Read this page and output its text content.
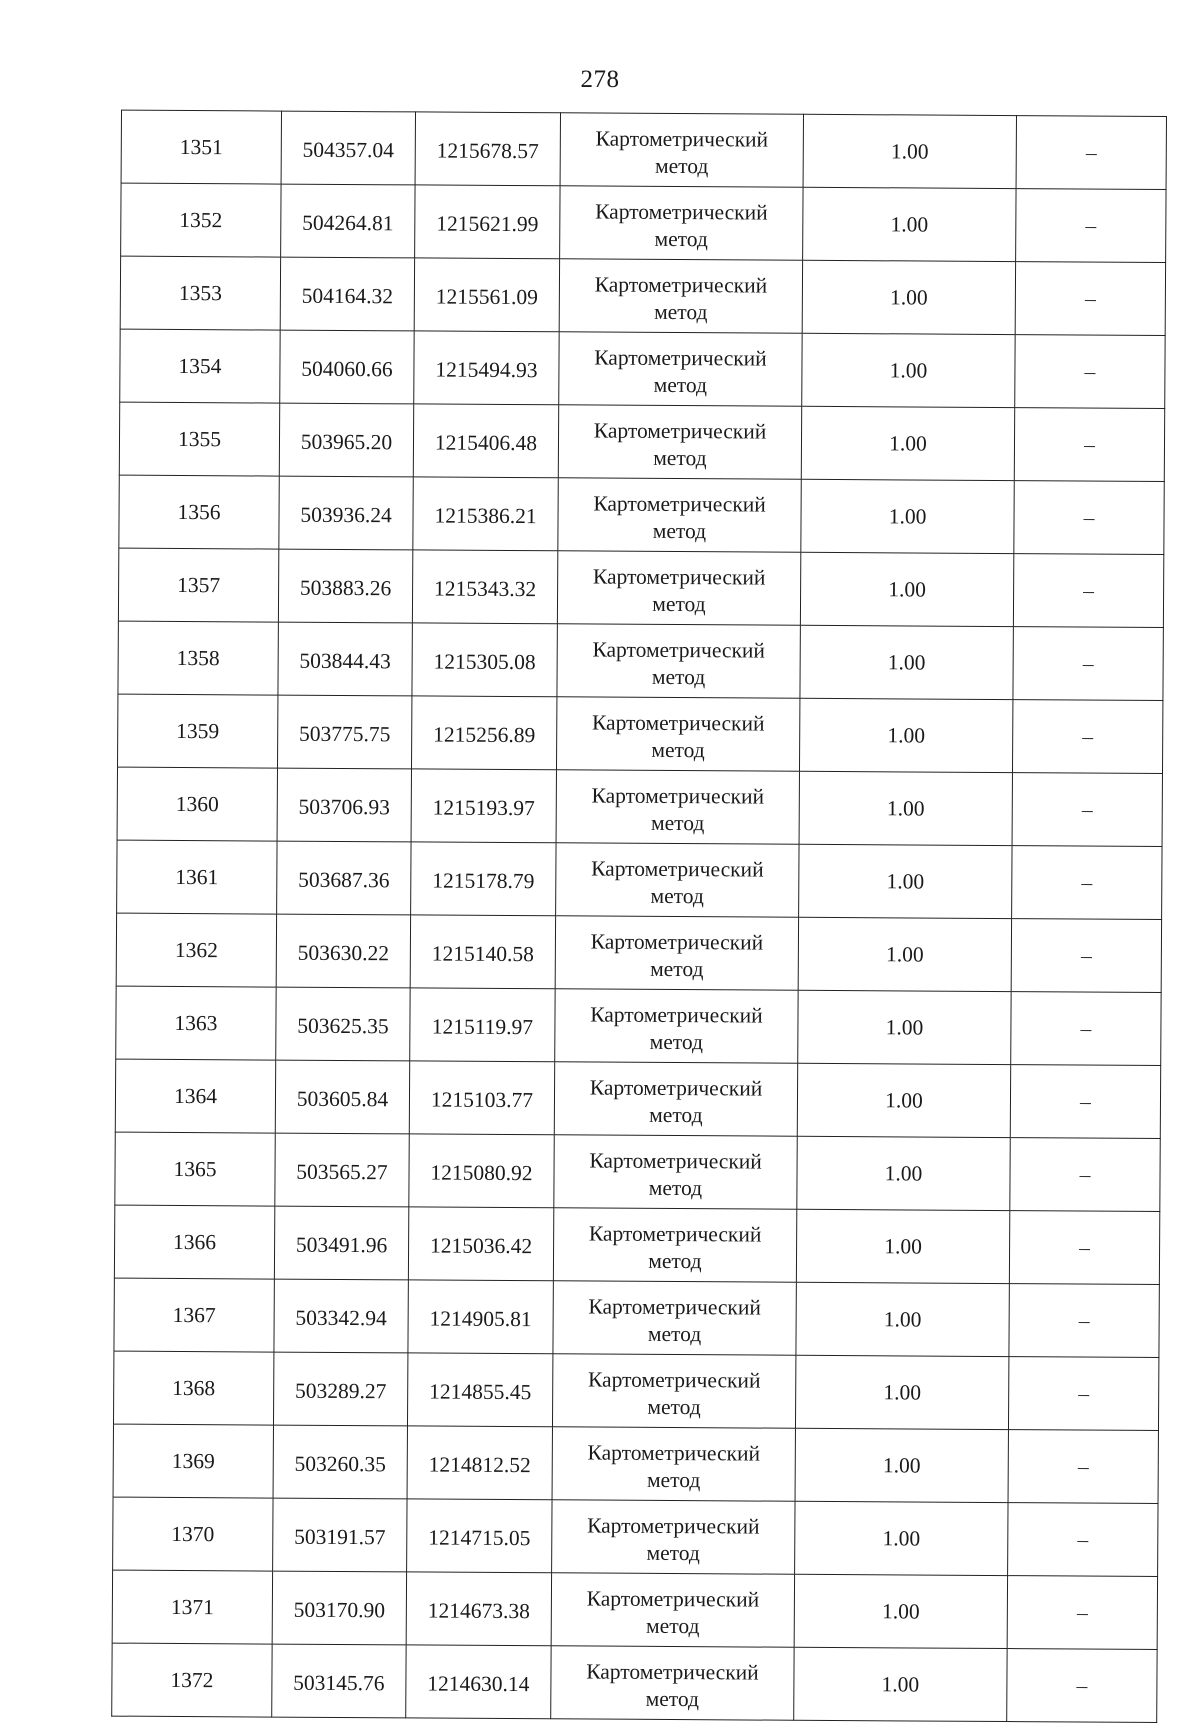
278
1351	504357.04	1215678.57	Картометрический
метод	1.00	–
1352	504264.81	1215621.99	Картометрический
метод	1.00	–
1353	504164.32	1215561.09	Картометрический
метод	1.00	–
1354	504060.66	1215494.93	Картометрический
метод	1.00	–
1355	503965.20	1215406.48	Картометрический
метод	1.00	–
1356	503936.24	1215386.21	Картометрический
метод	1.00	–
1357	503883.26	1215343.32	Картометрический
метод	1.00	–
1358	503844.43	1215305.08	Картометрический
метод	1.00	–
1359	503775.75	1215256.89	Картометрический
метод	1.00	–
1360	503706.93	1215193.97	Картометрический
метод	1.00	–
1361	503687.36	1215178.79	Картометрический
метод	1.00	–
1362	503630.22	1215140.58	Картометрический
метод	1.00	–
1363	503625.35	1215119.97	Картометрический
метод	1.00	–
1364	503605.84	1215103.77	Картометрический
метод	1.00	–
1365	503565.27	1215080.92	Картометрический
метод	1.00	–
1366	503491.96	1215036.42	Картометрический
метод	1.00	–
1367	503342.94	1214905.81	Картометрический
метод	1.00	–
1368	503289.27	1214855.45	Картометрический
метод	1.00	–
1369	503260.35	1214812.52	Картометрический
метод	1.00	–
1370	503191.57	1214715.05	Картометрический
метод	1.00	–
1371	503170.90	1214673.38	Картометрический
метод	1.00	–
1372	503145.76	1214630.14	Картометрический
метод	1.00	–
